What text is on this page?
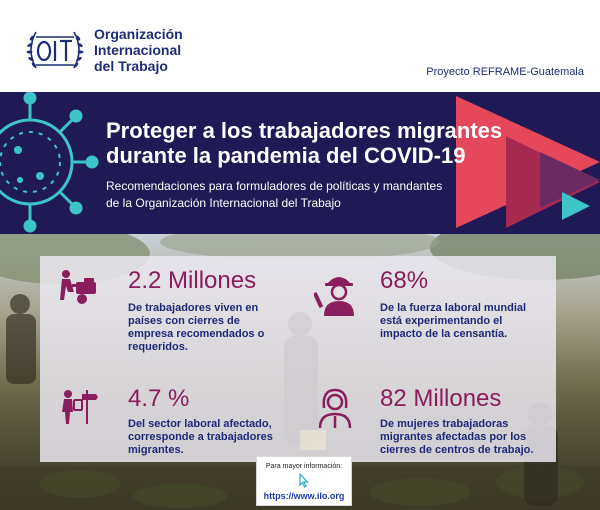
Organización
Internacional
del Trabajo	Proyecto REFRAME-Guatemala
Proteger a los trabajadores migrantes
durante la pandemia del COVID-19
Recomendaciones para formuladores de políticas y mandantes
de la Organización Internacional del Trabajo
2.2 Millones
De trabajadores viven en
países con cierres de
empresa recomendados o
requeridos.
68%
De la fuerza laboral mundial
está experimentando el
impacto de la censantía.
4.7 %
Del sector laboral afectado,
corresponde a trabajadores
migrantes.
82 Millones
De mujeres trabajadoras
migrantes afectadas por los
cierres de centros de trabajo.
Para mayor información:
https://www.ilo.org
